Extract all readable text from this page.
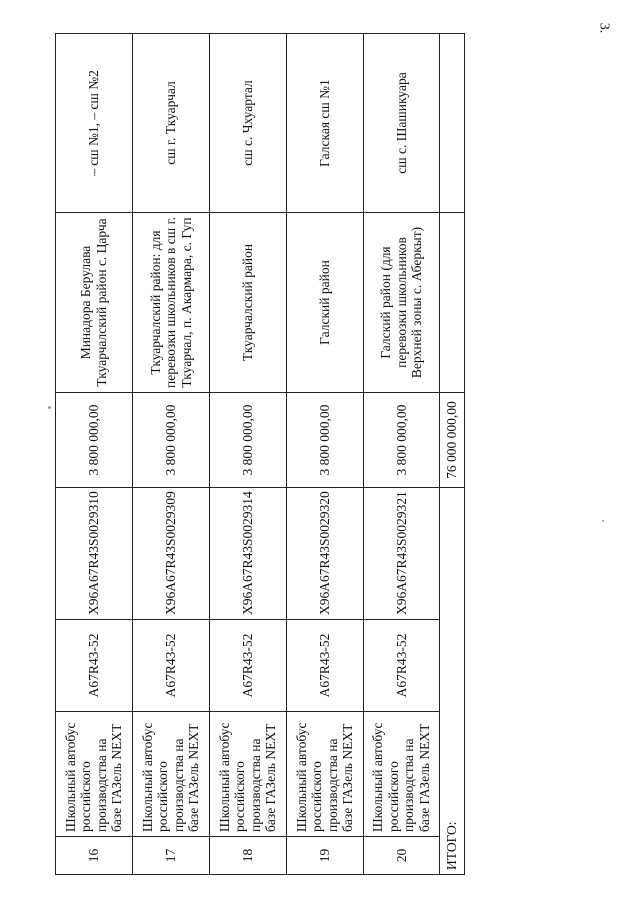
3.
16	Школьный автобус российского производства на базе ГАЗель NEXT	A67R43-52	X96A67R43S0029310	3 800 000,00	Минадора Берулава Ткуарчалский район с. Царча	– сш №1, – сш №2
17	Школьный автобус российского производства на базе ГАЗель NEXT	A67R43-52	X96A67R43S0029309	3 800 000,00	Ткуарчалский район: для перевозки школьников в сш г. Ткуарчал, п. Акармара, с. Гуп	сш г. Ткуарчал
18	Школьный автобус российского производства на базе ГАЗель NEXT	A67R43-52	X96A67R43S0029314	3 800 000,00	Ткуарчалский район	сш с. Чхуартал
19	Школьный автобус российского производства на базе ГАЗель NEXT	A67R43-52	X96A67R43S0029320	3 800 000,00	Галский район	Галская сш №1
20	Школьный автобус российского производства на базе ГАЗель NEXT	A67R43-52	X96A67R43S0029321	3 800 000,00	Галский район (для перевозки школьников Верхней зоны с. Аберкыт)	сш с. Шашикуара
ИТОГО:				76 000 000,00		
